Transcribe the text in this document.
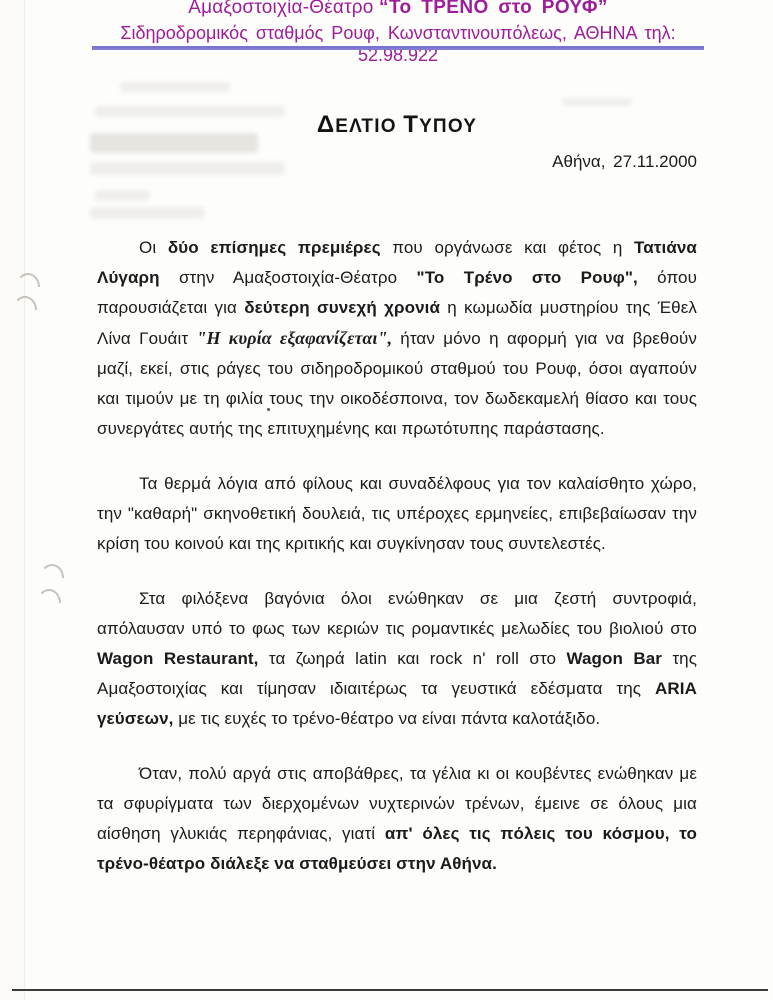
Αμαξοστοιχία-Θέατρο “Το ΤΡΕΝΟ στο ΡΟΥΦ”
Σιδηροδρομικός σταθμός Ρουφ, Κωνσταντινουπόλεως, ΑΘΗΝΑ τηλ: 52.98.922
ΔΕΛΤΙΟ ΤΥΠΟΥ
Αθήνα, 27.11.2000

Οι δύο επίσημες πρεμιέρες που οργάνωσε και φέτος η Τατιάνα Λύγαρη στην Αμαξοστοιχία-Θέατρο "Το Τρένο στο Ρουφ", όπου παρουσιάζεται για δεύτερη συνεχή χρονιά η κωμωδία μυστηρίου της Έθελ Λίνα Γουάιτ "Η κυρία εξαφανίζεται", ήταν μόνο η αφορμή για να βρεθούν μαζί, εκεί, στις ράγες του σιδηροδρομικού σταθμού του Ρουφ, όσοι αγαπούν και τιμούν με τη φιλία τους την οικοδέσποινα, τον δωδεκαμελή θίασο και τους συνεργάτες αυτής της επιτυχημένης και πρωτότυπης παράστασης.

Τα θερμά λόγια από φίλους και συναδέλφους για τον καλαίσθητο χώρο, την "καθαρή" σκηνοθετική δουλειά, τις υπέροχες ερμηνείες, επιβεβαίωσαν την κρίση του κοινού και της κριτικής και συγκίνησαν τους συντελεστές.

Στα φιλόξενα βαγόνια όλοι ενώθηκαν σε μια ζεστή συντροφιά, απόλαυσαν υπό το φως των κεριών τις ρομαντικές μελωδίες του βιολιού στο Wagon Restaurant, τα ζωηρά latin και rock n' roll στο Wagon Bar της Αμαξοστοιχίας και τίμησαν ιδιαιτέρως τα γευστικά εδέσματα της ARIA γεύσεων, με τις ευχές το τρένο-θέατρο να είναι πάντα καλοτάξιδο.

Όταν, πολύ αργά στις αποβάθρες, τα γέλια κι οι κουβέντες ενώθηκαν με τα σφυρίγματα των διερχομένων νυχτερινών τρένων, έμεινε σε όλους μια αίσθηση γλυκιάς περηφάνιας, γιατί απ' όλες τις πόλεις του κόσμου, το τρένο-θέατρο διάλεξε να σταθμεύσει στην Αθήνα.
